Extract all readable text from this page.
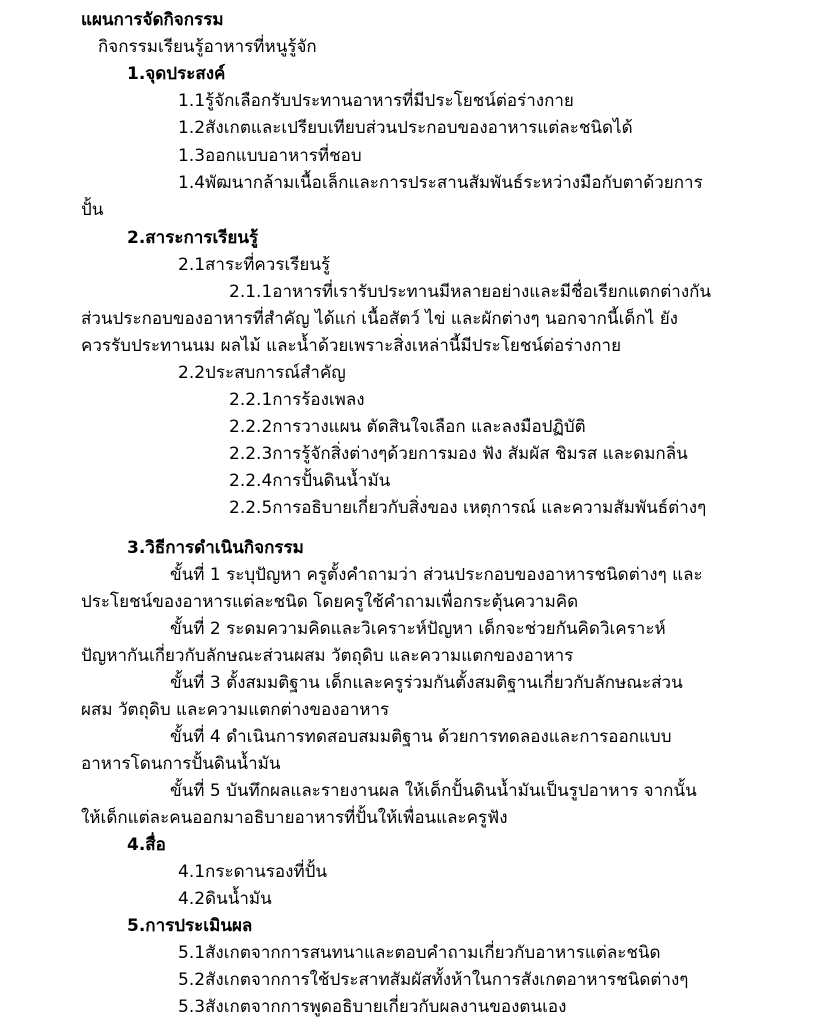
แผนการจัดกิจกรรม
กิจกรรมเรียนรู้อาหารที่หนูรู้จัก
1.จุดประสงค์
1.1รู้จักเลือกรับประทานอาหารที่มีประโยชน์ต่อร่างกาย
1.2สังเกตและเปรียบเทียบส่วนประกอบของอาหารแต่ละชนิดได้
1.3ออกแบบอาหารที่ชอบ
1.4พัฒนากล้ามเนื้อเล็กและการประสานสัมพันธ์ระหว่างมือกับตาด้วยการ
ปั้น
2.สาระการเรียนรู้
2.1สาระที่ควรเรียนรู้
2.1.1อาหารที่เรารับประทานมีหลายอย่างและมีชื่อเรียกแตกต่างกัน
ส่วนประกอบของอาหารที่สำคัญ ได้แก่ เนื้อสัตว์ ไข่ และผักต่างๆ นอกจากนี้เด็กไ ยัง
ควรรับประทานนม ผลไม้ และน้ำด้วยเพราะสิ่งเหล่านี้มีประโยชน์ต่อร่างกาย
2.2ประสบการณ์สำคัญ
2.2.1การร้องเพลง
2.2.2การวางแผน ตัดสินใจเลือก และลงมือปฏิบัติ
2.2.3การรู้จักสิ่งต่างๆด้วยการมอง ฟัง สัมผัส ชิมรส และดมกลิ่น
2.2.4การปั้นดินน้ำมัน
2.2.5การอธิบายเกี่ยวกับสิ่งของ เหตุการณ์ และความสัมพันธ์ต่างๆ
3.วิธีการดำเนินกิจกรรม
ขั้นที่ 1 ระบุปัญหา ครูตั้งคำถามว่า ส่วนประกอบของอาหารชนิดต่างๆ และ
ประโยชน์ของอาหารแต่ละชนิด โดยครูใช้คำถามเพื่อกระตุ้นความคิด
ขั้นที่ 2 ระดมความคิดและวิเคราะห์ปัญหา เด็กจะช่วยกันคิดวิเคราะห์
ปัญหากันเกี่ยวกับลักษณะส่วนผสม วัตถุดิบ และความแตกของอาหาร
ขั้นที่ 3 ตั้งสมมติฐาน เด็กและครูร่วมกันตั้งสมติฐานเกี่ยวกับลักษณะส่วน
ผสม วัตถุดิบ และความแตกต่างของอาหาร
ขั้นที่ 4 ดำเนินการทดสอบสมมติฐาน ด้วยการทดลองและการออกแบบ
อาหารโดนการปั้นดินน้ำมัน
ขั้นที่ 5 บันทึกผลและรายงานผล ให้เด็กปั้นดินน้ำมันเป็นรูปอาหาร จากนั้น
ให้เด็กแต่ละคนออกมาอธิบายอาหารที่ปั้นให้เพื่อนและครูฟัง
4.สื่อ
4.1กระดานรองที่ปั้น
4.2ดินน้ำมัน
5.การประเมินผล
5.1สังเกตจากการสนทนาและตอบคำถามเกี่ยวกับอาหารแต่ละชนิด
5.2สังเกตจากการใช้ประสาทสัมผัสทั้งห้าในการสังเกตอาหารชนิดต่างๆ
5.3สังเกตจากการพูดอธิบายเกี่ยวกับผลงานของตนเอง
